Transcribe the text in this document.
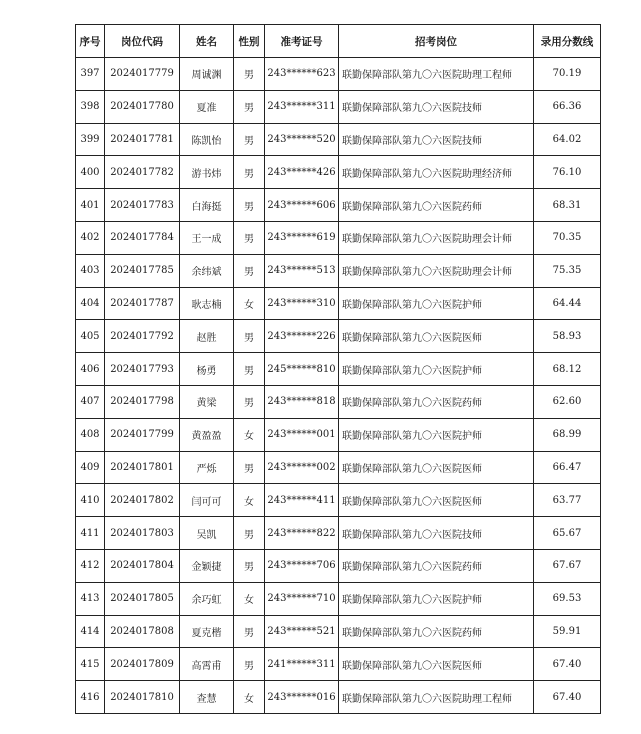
序号	岗位代码	姓名	性别	准考证号	招考岗位	录用分数线
397	2024017779	周诚渊	男	243******623	联勤保障部队第九〇六医院助理工程师	70.19
398	2024017780	夏准	男	243******311	联勤保障部队第九〇六医院技师	66.36
399	2024017781	陈凯怡	男	243******520	联勤保障部队第九〇六医院技师	64.02
400	2024017782	游书炜	男	243******426	联勤保障部队第九〇六医院助理经济师	76.10
401	2024017783	白海挺	男	243******606	联勤保障部队第九〇六医院药师	68.31
402	2024017784	王一成	男	243******619	联勤保障部队第九〇六医院助理会计师	70.35
403	2024017785	余纬斌	男	243******513	联勤保障部队第九〇六医院助理会计师	75.35
404	2024017787	耿志楠	女	243******310	联勤保障部队第九〇六医院护师	64.44
405	2024017792	赵胜	男	243******226	联勤保障部队第九〇六医院医师	58.93
406	2024017793	杨勇	男	245******810	联勤保障部队第九〇六医院护师	68.12
407	2024017798	黄梁	男	243******818	联勤保障部队第九〇六医院药师	62.60
408	2024017799	黄盈盈	女	243******001	联勤保障部队第九〇六医院护师	68.99
409	2024017801	严烁	男	243******002	联勤保障部队第九〇六医院医师	66.47
410	2024017802	闫可可	女	243******411	联勤保障部队第九〇六医院医师	63.77
411	2024017803	吴凯	男	243******822	联勤保障部队第九〇六医院技师	65.67
412	2024017804	金颖捷	男	243******706	联勤保障部队第九〇六医院药师	67.67
413	2024017805	余巧虹	女	243******710	联勤保障部队第九〇六医院护师	69.53
414	2024017808	夏克楷	男	243******521	联勤保障部队第九〇六医院药师	59.91
415	2024017809	高霄甫	男	241******311	联勤保障部队第九〇六医院医师	67.40
416	2024017810	查慧	女	243******016	联勤保障部队第九〇六医院助理工程师	67.40
